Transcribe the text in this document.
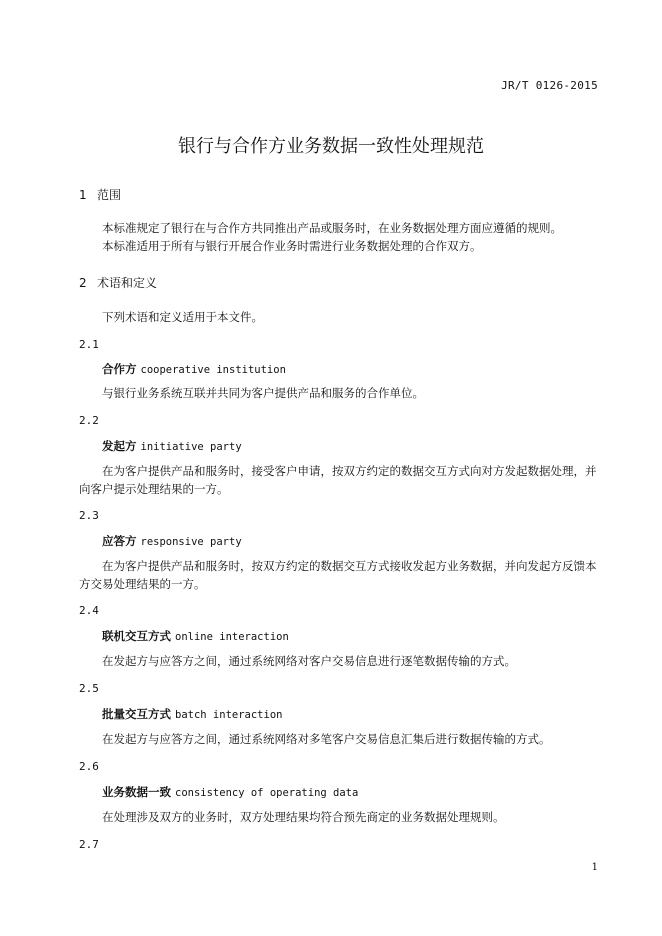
JR/T 0126-2015
银行与合作方业务数据一致性处理规范
1 范围
本标准规定了银行在与合作方共同推出产品或服务时，在业务数据处理方面应遵循的规则。
本标准适用于所有与银行开展合作业务时需进行业务数据处理的合作双方。
2 术语和定义
下列术语和定义适用于本文件。
2.1
合作方 cooperative institution
与银行业务系统互联并共同为客户提供产品和服务的合作单位。
2.2
发起方 initiative party
在为客户提供产品和服务时，接受客户申请，按双方约定的数据交互方式向对方发起数据处理，并
向客户提示处理结果的一方。
2.3
应答方 responsive party
在为客户提供产品和服务时，按双方约定的数据交互方式接收发起方业务数据，并向发起方反馈本
方交易处理结果的一方。
2.4
联机交互方式 online interaction
在发起方与应答方之间，通过系统网络对客户交易信息进行逐笔数据传输的方式。
2.5
批量交互方式 batch interaction
在发起方与应答方之间，通过系统网络对多笔客户交易信息汇集后进行数据传输的方式。
2.6
业务数据一致 consistency of operating data
在处理涉及双方的业务时，双方处理结果均符合预先商定的业务数据处理规则。
2.7
1
